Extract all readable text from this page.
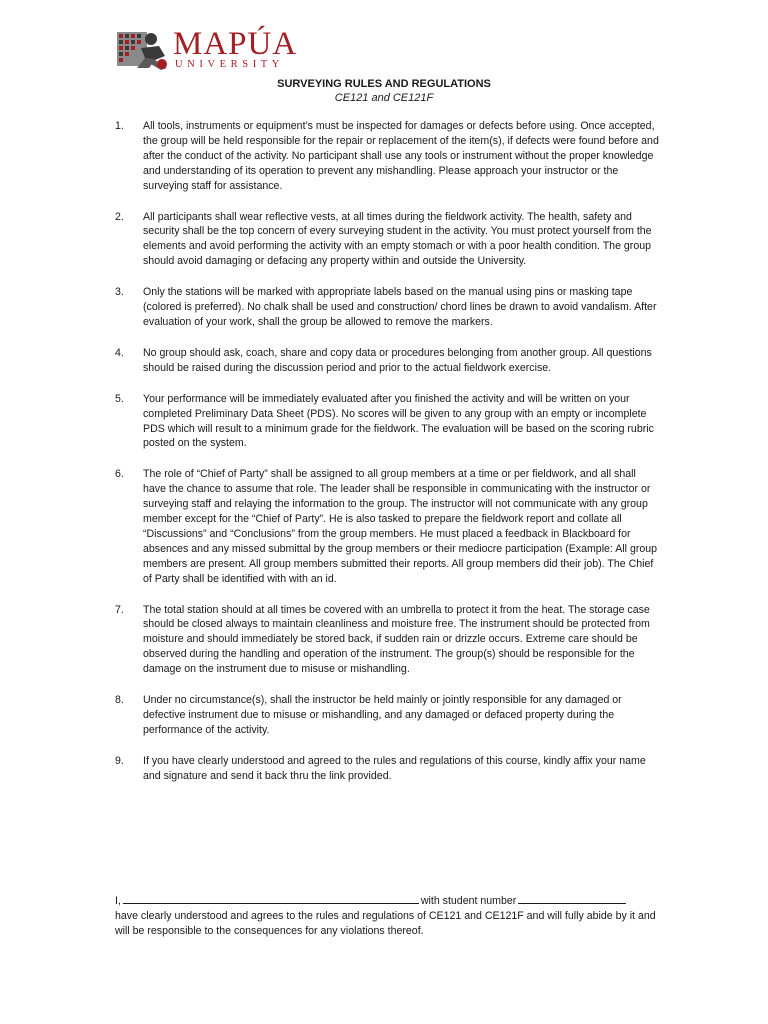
MAPÚA
UNIVERSITY
SURVEYING RULES AND REGULATIONS
CE121 and CE121F
1. All tools, instruments or equipment’s must be inspected for damages or defects before using. Once accepted, the group will be held responsible for the repair or replacement of the item(s), if defects were found before and after the conduct of the activity. No participant shall use any tools or instrument without the proper knowledge and understanding of its operation to prevent any mishandling. Please approach your instructor or the surveying staff for assistance.
2. All participants shall wear reflective vests, at all times during the fieldwork activity. The health, safety and security shall be the top concern of every surveying student in the activity. You must protect yourself from the elements and avoid performing the activity with an empty stomach or with a poor health condition. The group should avoid damaging or defacing any property within and outside the University.
3. Only the stations will be marked with appropriate labels based on the manual using pins or masking tape (colored is preferred). No chalk shall be used and construction/ chord lines be drawn to avoid vandalism. After evaluation of your work, shall the group be allowed to remove the markers.
4. No group should ask, coach, share and copy data or procedures belonging from another group. All questions should be raised during the discussion period and prior to the actual fieldwork exercise.
5. Your performance will be immediately evaluated after you finished the activity and will be written on your completed Preliminary Data Sheet (PDS). No scores will be given to any group with an empty or incomplete PDS which will result to a minimum grade for the fieldwork. The evaluation will be based on the scoring rubric posted on the system.
6. The role of “Chief of Party” shall be assigned to all group members at a time or per fieldwork, and all shall have the chance to assume that role. The leader shall be responsible in communicating with the instructor or surveying staff and relaying the information to the group. The instructor will not communicate with any group member except for the “Chief of Party”. He is also tasked to prepare the fieldwork report and collate all “Discussions” and “Conclusions” from the group members. He must placed a feedback in Blackboard for absences and any missed submittal by the group members or their mediocre participation (Example: All group members are present. All group members submitted their reports. All group members did their job). The Chief of Party shall be identified with with an id.
7. The total station should at all times be covered with an umbrella to protect it from the heat. The storage case should be closed always to maintain cleanliness and moisture free. The instrument should be protected from moisture and should immediately be stored back, if sudden rain or drizzle occurs. Extreme care should be observed during the handling and operation of the instrument. The group(s) should be responsible for the damage on the instrument due to misuse or mishandling.
8. Under no circumstance(s), shall the instructor be held mainly or jointly responsible for any damaged or defective instrument due to misuse or mishandling, and any damaged or defaced property during the performance of the activity.
9. If you have clearly understood and agreed to the rules and regulations of this course, kindly affix your name and signature and send it back thru the link provided.
I,	with student number
have clearly understood and agrees to the rules and regulations of CE121 and CE121F and will fully abide by it and will be responsible to the consequences for any violations thereof.
